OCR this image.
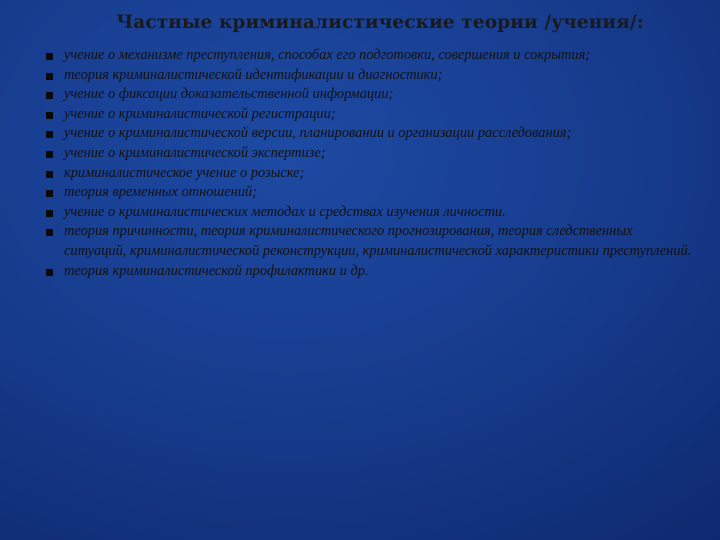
Частные криминалистические теории /учения/:
учение о механизме преступления, способах его подготовки, совершения и сокрытия;
теория криминалистической идентификации и диагностики;
учение о фиксации доказательственной информации;
учение о криминалистической регистрации;
учение о криминалистической версии, планировании и организации расследования;
учение о криминалистической экспертизе;
криминалистическое учение о розыске;
теория временных отношений;
учение о криминалистических методах и средствах изучения личности.
теория причинности, теория криминалистического прогнозирования, теория следственных ситуаций, криминалистической реконструкции, криминалистической характеристики преступлений.
теория криминалистической профилактики и др.
